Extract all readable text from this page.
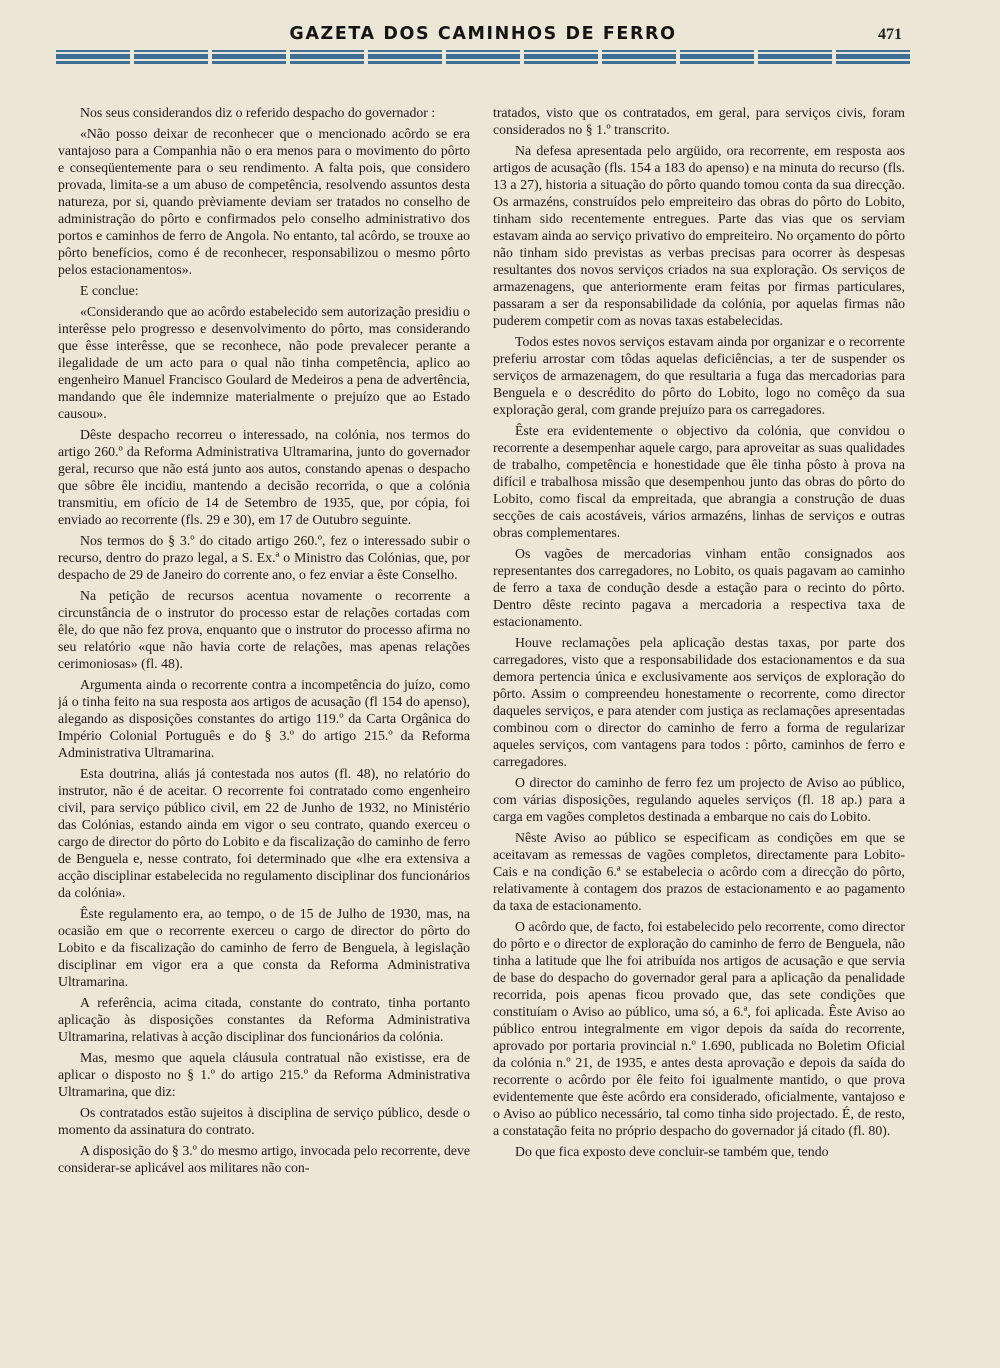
GAZETA DOS CAMINHOS DE FERRO	471

Nos seus considerandos diz o referido despacho do governador :

«Não posso deixar de reconhecer que o mencionado acôrdo se era vantajoso para a Companhia não o era menos para o movimento do pôrto e conseqüentemente para o seu rendimento. A falta pois, que considero provada, limita-se a um abuso de competência, resolvendo assuntos desta natureza, por si, quando prèviamente deviam ser tratados no conselho de administração do pôrto e confirmados pelo conselho administrativo dos portos e caminhos de ferro de Angola. No entanto, tal acôrdo, se trouxe ao pôrto benefícios, como é de reconhecer, responsabilizou o mesmo pôrto pelos estacionamentos».

E conclue:

«Considerando que ao acôrdo estabelecido sem autorização presidiu o interêsse pelo progresso e desenvolvimento do pôrto, mas considerando que êsse interêsse, que se reconhece, não pode prevalecer perante a ilegalidade de um acto para o qual não tinha competência, aplico ao engenheiro Manuel Francisco Goulard de Medeiros a pena de advertência, mandando que êle indemnize materialmente o prejuízo que ao Estado causou».

Dêste despacho recorreu o interessado, na colónia, nos termos do artigo 260.º da Reforma Administrativa Ultramarina, junto do governador geral, recurso que não está junto aos autos, constando apenas o despacho que sôbre êle incidiu, mantendo a decisão recorrida, o que a colónia transmitiu, em ofício de 14 de Setembro de 1935, que, por cópia, foi enviado ao recorrente (fls. 29 e 30), em 17 de Outubro seguinte.

Nos termos do § 3.º do citado artigo 260.º, fez o interessado subir o recurso, dentro do prazo legal, a S. Ex.ª o Ministro das Colónias, que, por despacho de 29 de Janeiro do corrente ano, o fez enviar a êste Conselho.

Na petição de recursos acentua novamente o recorrente a circunstância de o instrutor do processo estar de relações cortadas com êle, do que não fez prova, enquanto que o instrutor do processo afirma no seu relatório «que não havia corte de relações, mas apenas relações cerimoniosas» (fl. 48).

Argumenta ainda o recorrente contra a incompetência do juízo, como já o tinha feito na sua resposta aos artigos de acusação (fl 154 do apenso), alegando as disposições constantes do artigo 119.º da Carta Orgânica do Império Colonial Português e do § 3.º do artigo 215.º da Reforma Administrativa Ultramarina.

Esta doutrina, aliás já contestada nos autos (fl. 48), no relatório do instrutor, não é de aceitar. O recorrente foi contratado como engenheiro civil, para serviço público civil, em 22 de Junho de 1932, no Ministério das Colónias, estando ainda em vigor o seu contrato, quando exerceu o cargo de director do pôrto do Lobito e da fiscalização do caminho de ferro de Benguela e, nesse contrato, foi determinado que «lhe era extensiva a acção disciplinar estabelecida no regulamento disciplinar dos funcionários da colónia».

Êste regulamento era, ao tempo, o de 15 de Julho de 1930, mas, na ocasião em que o recorrente exerceu o cargo de director do pôrto do Lobito e da fiscalização do caminho de ferro de Benguela, à legislação disciplinar em vigor era a que consta da Reforma Administrativa Ultramarina.

A referência, acima citada, constante do contrato, tinha portanto aplicação às disposições constantes da Reforma Administrativa Ultramarina, relativas à acção disciplinar dos funcionários da colónia.

Mas, mesmo que aquela cláusula contratual não existisse, era de aplicar o disposto no § 1.º do artigo 215.º da Reforma Administrativa Ultramarina, que diz:

Os contratados estão sujeitos à disciplina de serviço público, desde o momento da assinatura do contrato.

A disposição do § 3.º do mesmo artigo, invocada pelo recorrente, deve considerar-se aplicável aos militares não con-

tratados, visto que os contratados, em geral, para serviços civis, foram considerados no § 1.º transcrito.

Na defesa apresentada pelo argüido, ora recorrente, em resposta aos artigos de acusação (fls. 154 a 183 do apenso) e na minuta do recurso (fls. 13 a 27), historia a situação do pôrto quando tomou conta da sua direcção. Os armazéns, construídos pelo empreiteiro das obras do pôrto do Lobito, tinham sido recentemente entregues. Parte das vias que os serviam estavam ainda ao serviço privativo do empreiteiro. No orçamento do pôrto não tinham sido previstas as verbas precisas para ocorrer às despesas resultantes dos novos serviços criados na sua exploração. Os serviços de armazenagens, que anteriormente eram feitas por firmas particulares, passaram a ser da responsabilidade da colónia, por aquelas firmas não puderem competir com as novas taxas estabelecidas.

Todos estes novos serviços estavam ainda por organizar e o recorrente preferiu arrostar com tôdas aquelas deficiências, a ter de suspender os serviços de armazenagem, do que resultaria a fuga das mercadorias para Benguela e o descrédito do pôrto do Lobito, logo no comêço da sua exploração geral, com grande prejuízo para os carregadores.

Êste era evidentemente o objectivo da colónia, que convidou o recorrente a desempenhar aquele cargo, para aproveitar as suas qualidades de trabalho, competência e honestidade que êle tinha pôsto à prova na difícil e trabalhosa missão que desempenhou junto das obras do pôrto do Lobito, como fiscal da empreitada, que abrangia a construção de duas secções de cais acostáveis, vários armazéns, linhas de serviços e outras obras complementares.

Os vagões de mercadorias vinham então consignados aos representantes dos carregadores, no Lobito, os quais pagavam ao caminho de ferro a taxa de condução desde a estação para o recinto do pôrto. Dentro dêste recinto pagava a mercadoria a respectiva taxa de estacionamento.

Houve reclamações pela aplicação destas taxas, por parte dos carregadores, visto que a responsabilidade dos estacionamentos e da sua demora pertencia única e exclusivamente aos serviços de exploração do pôrto. Assim o compreendeu honestamente o recorrente, como director daqueles serviços, e para atender com justiça as reclamações apresentadas combinou com o director do caminho de ferro a forma de regularizar aqueles serviços, com vantagens para todos : pôrto, caminhos de ferro e carregadores.

O director do caminho de ferro fez um projecto de Aviso ao público, com várias disposições, regulando aqueles serviços (fl. 18 ap.) para a carga em vagões completos destinada a embarque no cais do Lobito.

Nêste Aviso ao público se especificam as condições em que se aceitavam as remessas de vagões completos, directamente para Lobito-Cais e na condição 6.ª se estabelecia o acôrdo com a direcção do pôrto, relativamente à contagem dos prazos de estacionamento e ao pagamento da taxa de estacionamento.

O acôrdo que, de facto, foi estabelecido pelo recorrente, como director do pôrto e o director de exploração do caminho de ferro de Benguela, não tinha a latitude que lhe foi atribuída nos artigos de acusação e que servia de base do despacho do governador geral para a aplicação da penalidade recorrida, pois apenas ficou provado que, das sete condições que constituíam o Aviso ao público, uma só, a 6.ª, foi aplicada. Êste Aviso ao público entrou integralmente em vigor depois da saída do recorrente, aprovado por portaria provincial n.º 1.690, publicada no Boletim Oficial da colónia n.º 21, de 1935, e antes desta aprovação e depois da saída do recorrente o acôrdo por êle feito foi igualmente mantido, o que prova evidentemente que êste acôrdo era considerado, oficialmente, vantajoso e o Aviso ao público necessário, tal como tinha sido projectado. É, de resto, a constatação feita no próprio despacho do governador já citado (fl. 80).

Do que fica exposto deve concluir-se também que, tendo
